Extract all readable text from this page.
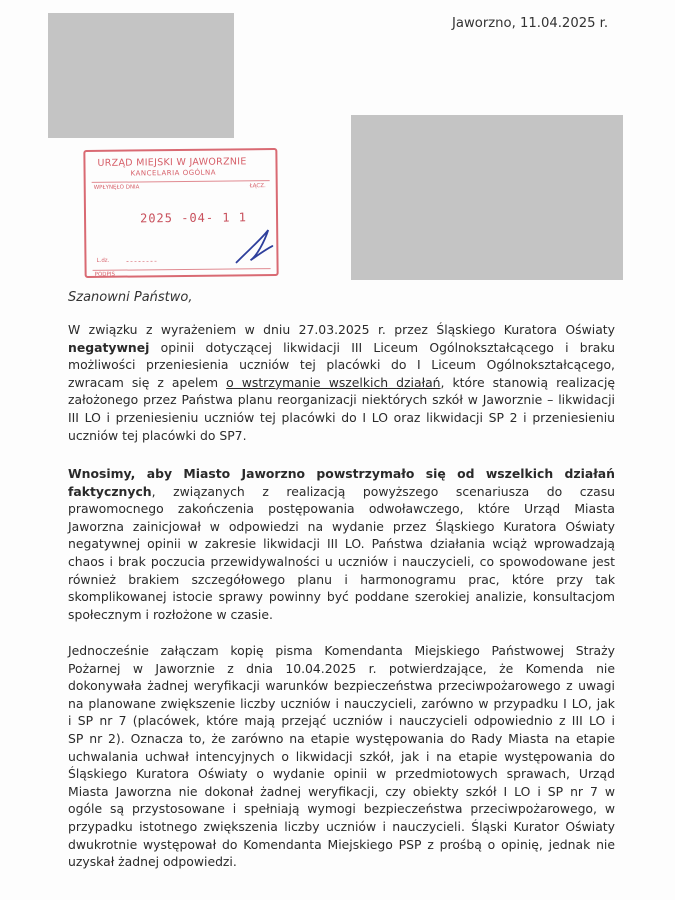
Jaworzno, 11.04.2025 r.
URZĄD MIEJSKI W JAWORZNIE
KANCELARIA OGÓLNA
WPŁYNĘŁO DNIA	ŁĄCZ.
2025 -04- 1 1
L.dz.
PODPIS
Szanowni Państwo,
W związku z wyrażeniem w dniu 27.03.2025 r. przez Śląskiego Kuratora Oświaty
negatywnej opinii dotyczącej likwidacji III Liceum Ogólnokształcącego i braku
możliwości przeniesienia uczniów tej placówki do I Liceum Ogólnokształcącego,
zwracam się z apelem o wstrzymanie wszelkich działań, które stanowią realizację
założonego przez Państwa planu reorganizacji niektórych szkół w Jaworznie – likwidacji
III LO i przeniesieniu uczniów tej placówki do I LO oraz likwidacji SP 2 i przeniesieniu
uczniów tej placówki do SP7.
Wnosimy, aby Miasto Jaworzno powstrzymało się od wszelkich działań
faktycznych, związanych z realizacją powyższego scenariusza do czasu
prawomocnego zakończenia postępowania odwoławczego, które Urząd Miasta
Jaworzna zainicjował w odpowiedzi na wydanie przez Śląskiego Kuratora Oświaty
negatywnej opinii w zakresie likwidacji III LO. Państwa działania wciąż wprowadzają
chaos i brak poczucia przewidywalności u uczniów i nauczycieli, co spowodowane jest
również brakiem szczegółowego planu i harmonogramu prac, które przy tak
skomplikowanej istocie sprawy powinny być poddane szerokiej analizie, konsultacjom
społecznym i rozłożone w czasie.
Jednocześnie załączam kopię pisma Komendanta Miejskiego Państwowej Straży
Pożarnej w Jaworznie z dnia 10.04.2025 r. potwierdzające, że Komenda nie
dokonywała żadnej weryfikacji warunków bezpieczeństwa przeciwpożarowego z uwagi
na planowane zwiększenie liczby uczniów i nauczycieli, zarówno w przypadku I LO, jak
i SP nr 7 (placówek, które mają przejąć uczniów i nauczycieli odpowiednio z III LO i
SP nr 2). Oznacza to, że zarówno na etapie występowania do Rady Miasta na etapie
uchwalania uchwał intencyjnych o likwidacji szkół, jak i na etapie występowania do
Śląskiego Kuratora Oświaty o wydanie opinii w przedmiotowych sprawach, Urząd
Miasta Jaworzna nie dokonał żadnej weryfikacji, czy obiekty szkół I LO i SP nr 7 w
ogóle są przystosowane i spełniają wymogi bezpieczeństwa przeciwpożarowego, w
przypadku istotnego zwiększenia liczby uczniów i nauczycieli. Śląski Kurator Oświaty
dwukrotnie występował do Komendanta Miejskiego PSP z prośbą o opinię, jednak nie
uzyskał żadnej odpowiedzi.
